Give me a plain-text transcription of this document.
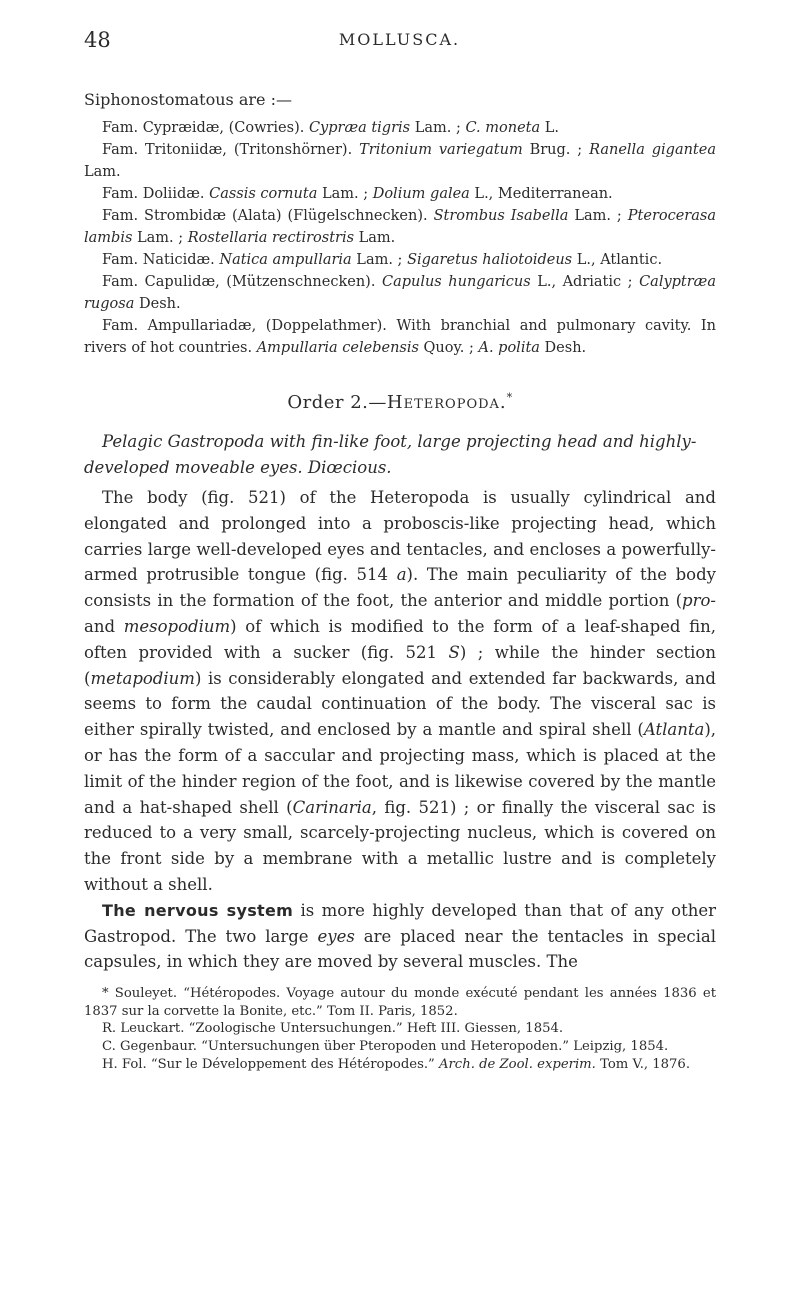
48	MOLLUSCA.

Siphonostomatous are :—

Fam. Cypræidæ, (Cowries). Cypræa tigris Lam. ; C. moneta L.

Fam. Tritoniidæ, (Tritonshörner). Tritonium variegatum Brug. ; Ranella gigantea Lam.

Fam. Doliidæ. Cassis cornuta Lam. ; Dolium galea L., Mediterranean.

Fam. Strombidæ (Alata) (Flügelschnecken). Strombus Isabella Lam. ; Pterocerasa lambis Lam. ; Rostellaria rectirostris Lam.

Fam. Naticidæ. Natica ampullaria Lam. ; Sigaretus haliotoideus L., Atlantic.

Fam. Capulidæ, (Mützenschnecken). Capulus hungaricus L., Adriatic ; Calyptræa rugosa Desh.

Fam. Ampullariadæ, (Doppelathmer). With branchial and pulmonary cavity. In rivers of hot countries. Ampullaria celebensis Quoy. ; A. polita Desh.

Order 2.—Heteropoda.*

Pelagic Gastropoda with fin-like foot, large projecting head and highly-developed moveable eyes. Diœcious.

The body (fig. 521) of the Heteropoda is usually cylindrical and elongated and prolonged into a proboscis-like projecting head, which carries large well-developed eyes and tentacles, and encloses a powerfully-armed protrusible tongue (fig. 514 a). The main peculiarity of the body consists in the formation of the foot, the anterior and middle portion (pro- and mesopodium) of which is modified to the form of a leaf-shaped fin, often provided with a sucker (fig. 521 S) ; while the hinder section (metapodium) is considerably elongated and extended far backwards, and seems to form the caudal continuation of the body. The visceral sac is either spirally twisted, and enclosed by a mantle and spiral shell (Atlanta), or has the form of a saccular and projecting mass, which is placed at the limit of the hinder region of the foot, and is likewise covered by the mantle and a hat-shaped shell (Carinaria, fig. 521) ; or finally the visceral sac is reduced to a very small, scarcely-projecting nucleus, which is covered on the front side by a membrane with a metallic lustre and is completely without a shell.

The nervous system is more highly developed than that of any other Gastropod. The two large eyes are placed near the tentacles in special capsules, in which they are moved by several muscles. The

* Souleyet. “Hétéropodes. Voyage autour du monde exécuté pendant les années 1836 et 1837 sur la corvette la Bonite, etc.” Tom II. Paris, 1852.

R. Leuckart. “Zoologische Untersuchungen.” Heft III. Giessen, 1854.

C. Gegenbaur. “Untersuchungen über Pteropoden und Heteropoden.” Leipzig, 1854.

H. Fol. “Sur le Développement des Hétéropodes.” Arch. de Zool. experim. Tom V., 1876.
